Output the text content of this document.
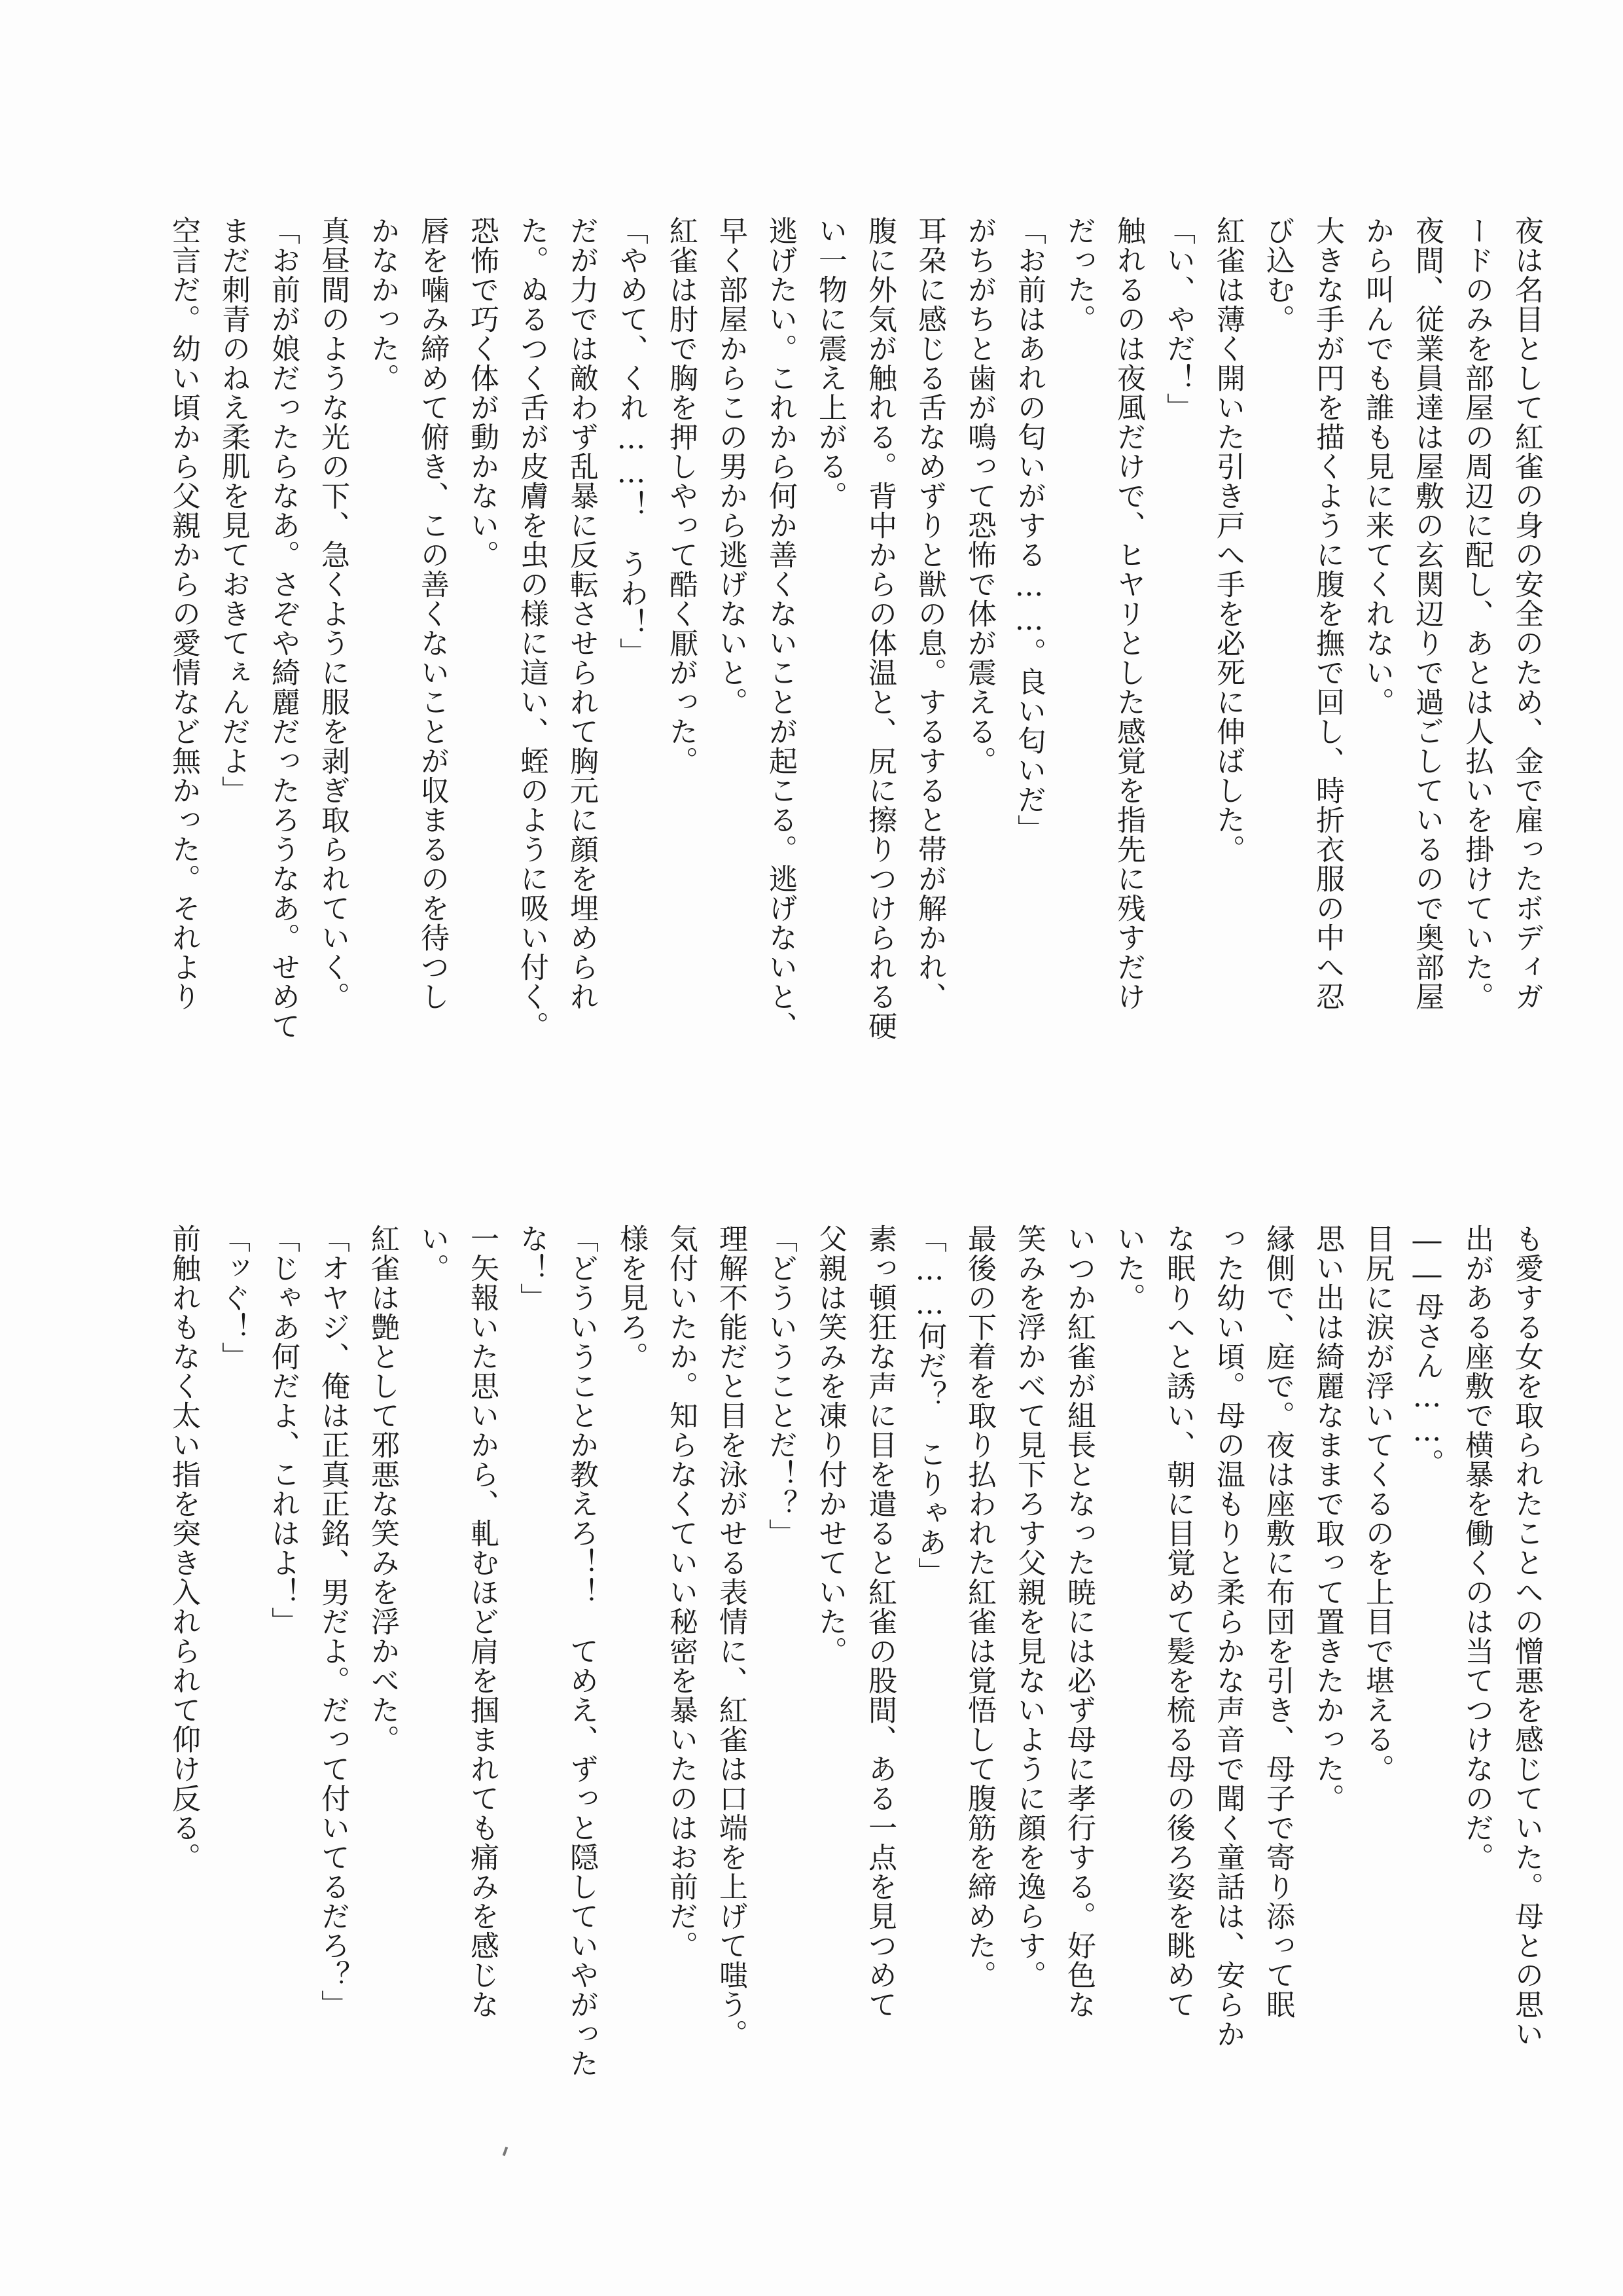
夜は名目として紅雀の身の安全のため、金で雇ったボディガ
ードのみを部屋の周辺に配し、あとは人払いを掛けていた。
夜間、従業員達は屋敷の玄関辺りで過ごしているので奥部屋
から叫んでも誰も見に来てくれない。
大きな手が円を描くように腹を撫で回し、時折衣服の中へ忍
び込む。
紅雀は薄く開いた引き戸へ手を必死に伸ばした。
「い、やだ！」
触れるのは夜風だけで、ヒヤリとした感覚を指先に残すだけ
だった。
「お前はあれの匂いがする……。良い匂いだ」
がちがちと歯が鳴って恐怖で体が震える。
耳朶に感じる舌なめずりと獣の息。するすると帯が解かれ、
腹に外気が触れる。背中からの体温と、尻に擦りつけられる硬
い一物に震え上がる。
逃げたい。これから何か善くないことが起こる。逃げないと、
早く部屋からこの男から逃げないと。
紅雀は肘で胸を押しやって酷く厭がった。
「やめて、くれ……！　うわ！」
だが力では敵わず乱暴に反転させられて胸元に顔を埋められ
た。ぬるつく舌が皮膚を虫の様に這い、蛭のように吸い付く。
恐怖で巧く体が動かない。
唇を噛み締めて俯き、この善くないことが収まるのを待つし
かなかった。
真昼間のような光の下、急くように服を剥ぎ取られていく。
「お前が娘だったらなあ。さぞや綺麗だったろうなあ。せめて
まだ刺青のねえ柔肌を見ておきてぇんだよ」
空言だ。幼い頃から父親からの愛情など無かった。それより
も愛する女を取られたことへの憎悪を感じていた。母との思い
出がある座敷で横暴を働くのは当てつけなのだ。
――母さん……。
目尻に涙が浮いてくるのを上目で堪える。
思い出は綺麗なままで取って置きたかった。
縁側で、庭で。夜は座敷に布団を引き、母子で寄り添って眠
った幼い頃。母の温もりと柔らかな声音で聞く童話は、安らか
な眠りへと誘い、朝に目覚めて髪を梳る母の後ろ姿を眺めて
いた。
いつか紅雀が組長となった暁には必ず母に孝行する。好色な
笑みを浮かべて見下ろす父親を見ないように顔を逸らす。
最後の下着を取り払われた紅雀は覚悟して腹筋を締めた。
「……何だ？　こりゃあ」
素っ頓狂な声に目を遣ると紅雀の股間、ある一点を見つめて
父親は笑みを凍り付かせていた。
「どういうことだ！？」
理解不能だと目を泳がせる表情に、紅雀は口端を上げて嗤う。
気付いたか。知らなくていい秘密を暴いたのはお前だ。
様を見ろ。
「どういうことか教えろ！！　てめえ、ずっと隠していやがった
な！」
一矢報いた思いから、軋むほど肩を掴まれても痛みを感じな
い。
紅雀は艶として邪悪な笑みを浮かべた。
「オヤジ、俺は正真正銘、男だよ。だって付いてるだろ？」
「じゃあ何だよ、これはよ！」
「ッぐ！」
前触れもなく太い指を突き入れられて仰け反る。
